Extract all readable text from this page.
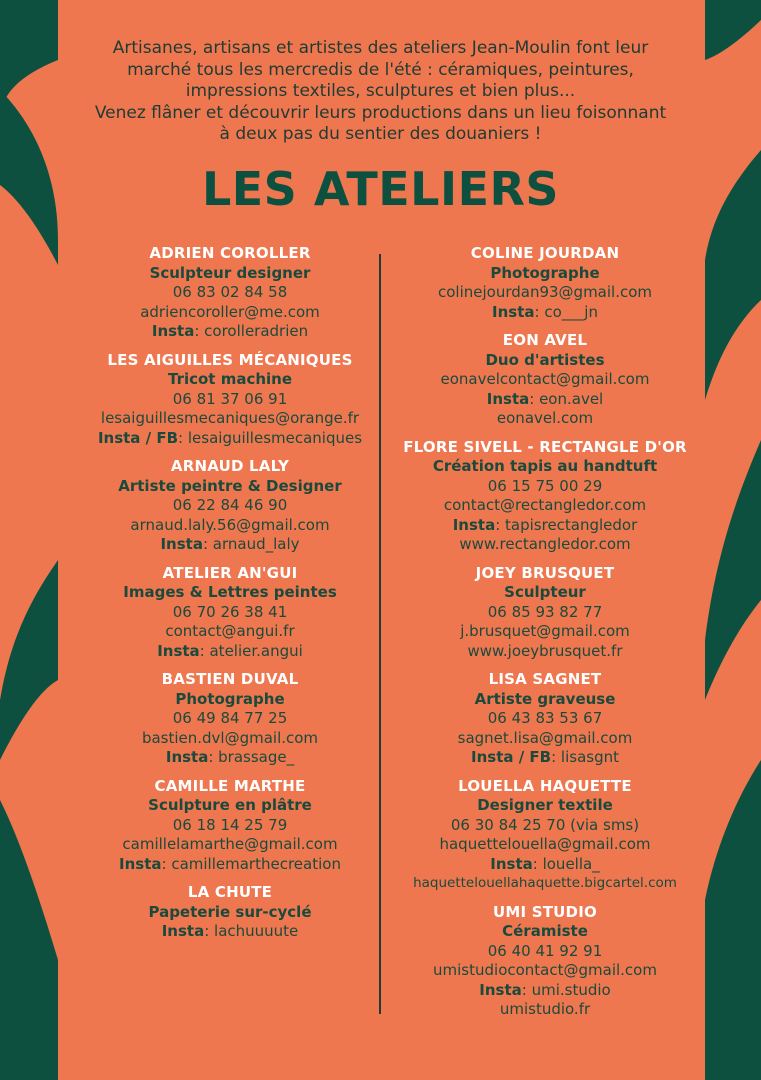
Artisanes, artisans et artistes des ateliers Jean-Moulin font leur
marché tous les mercredis de l'été : céramiques, peintures,
impressions textiles, sculptures et bien plus...
Venez flâner et découvrir leurs productions dans un lieu foisonnant
à deux pas du sentier des douaniers !
LES ATELIERS
ADRIEN COROLLER
Sculpteur designer
06 83 02 84 58
adriencoroller@me.com
Insta: corolleradrien
LES AIGUILLES MÉCANIQUES
Tricot machine
06 81 37 06 91
lesaiguillesmecaniques@orange.fr
Insta / FB: lesaiguillesmecaniques
ARNAUD LALY
Artiste peintre & Designer
06 22 84 46 90
arnaud.laly.56@gmail.com
Insta: arnaud_laly
ATELIER AN'GUI
Images & Lettres peintes
06 70 26 38 41
contact@angui.fr
Insta: atelier.angui
BASTIEN DUVAL
Photographe
06 49 84 77 25
bastien.dvl@gmail.com
Insta: brassage_
CAMILLE MARTHE
Sculpture en plâtre
06 18 14 25 79
camillelamarthe@gmail.com
Insta: camillemarthecreation
LA CHUTE
Papeterie sur-cyclé
Insta: lachuuuute
COLINE JOURDAN
Photographe
colinejourdan93@gmail.com
Insta: co___jn
EON AVEL
Duo d'artistes
eonavelcontact@gmail.com
Insta: eon.avel
eonavel.com
FLORE SIVELL - RECTANGLE D'OR
Création tapis au handtuft
06 15 75 00 29
contact@rectangledor.com
Insta: tapisrectangledor
www.rectangledor.com
JOEY BRUSQUET
Sculpteur
06 85 93 82 77
j.brusquet@gmail.com
www.joeybrusquet.fr
LISA SAGNET
Artiste graveuse
06 43 83 53 67
sagnet.lisa@gmail.com
Insta / FB: lisasgnt
LOUELLA HAQUETTE
Designer textile
06 30 84 25 70 (via sms)
haquettelouella@gmail.com
Insta: louella_
haquettelouellahaquette.bigcartel.com
UMI STUDIO
Céramiste
06 40 41 92 91
umistudiocontact@gmail.com
Insta: umi.studio
umistudio.fr
